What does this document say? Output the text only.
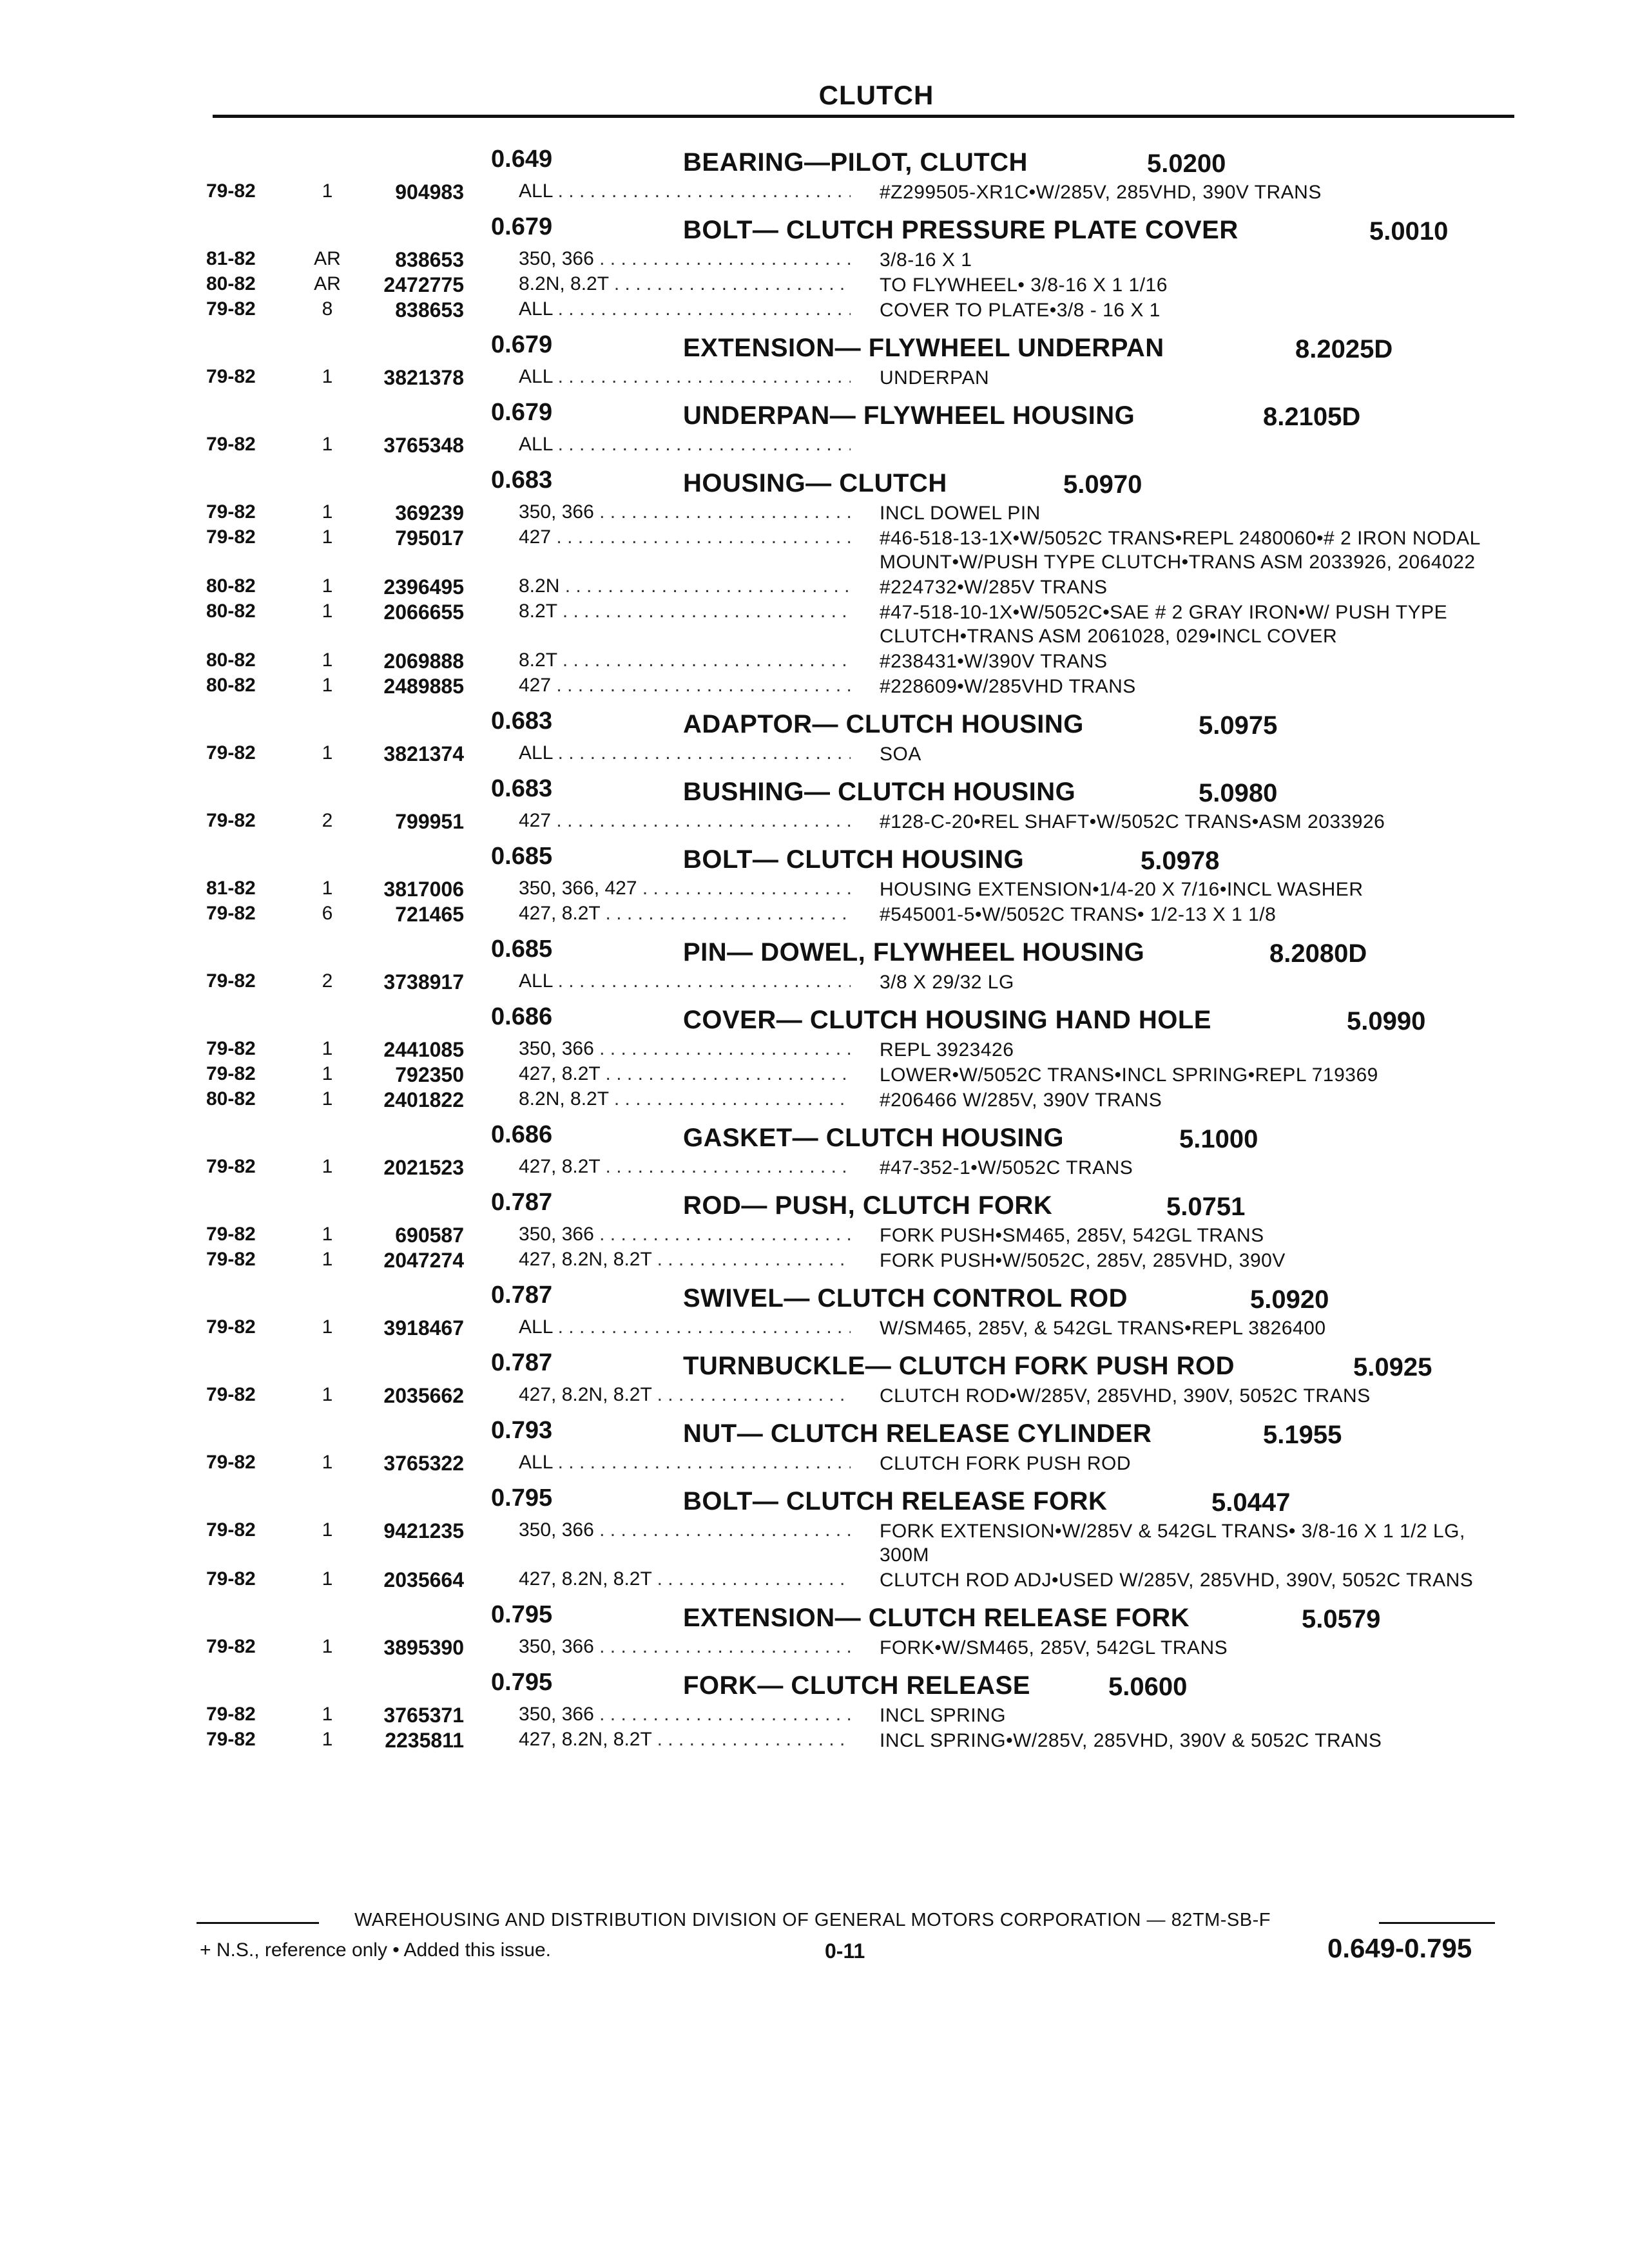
CLUTCH
0.649	BEARING—PILOT, CLUTCH	5.0200
79-82	1	904983	ALL . . .	#Z299505-XR1C•W/285V, 285VHD, 390V TRANS
0.679	BOLT— CLUTCH PRESSURE PLATE COVER	5.0010
81-82	AR	838653	350, 366 . . .	3/8-16 X 1
80-82	AR	2472775	8.2N, 8.2T . . .	TO FLYWHEEL• 3/8-16 X 1 1/16
79-82	8	838653	ALL . . .	COVER TO PLATE•3/8 - 16 X 1
0.679	EXTENSION— FLYWHEEL UNDERPAN	8.2025D
79-82	1	3821378	ALL . . .	UNDERPAN
0.679	UNDERPAN— FLYWHEEL HOUSING	8.2105D
79-82	1	3765348	ALL . . .
0.683	HOUSING— CLUTCH	5.0970
79-82	1	369239	350, 366 . . .	INCL DOWEL PIN
79-82	1	795017	427 . . .	#46-518-13-1X•W/5052C TRANS•REPL 2480060•# 2 IRON NODAL MOUNT•W/PUSH TYPE CLUTCH•TRANS ASM 2033926, 2064022
80-82	1	2396495	8.2N . . .	#224732•W/285V TRANS
80-82	1	2066655	8.2T . . .	#47-518-10-1X•W/5052C•SAE # 2 GRAY IRON•W/ PUSH TYPE CLUTCH•TRANS ASM 2061028, 029•INCL COVER
80-82	1	2069888	8.2T . . .	#238431•W/390V TRANS
80-82	1	2489885	427 . . .	#228609•W/285VHD TRANS
0.683	ADAPTOR— CLUTCH HOUSING	5.0975
79-82	1	3821374	ALL . . .	SOA
0.683	BUSHING— CLUTCH HOUSING	5.0980
79-82	2	799951	427 . . .	#128-C-20•REL SHAFT•W/5052C TRANS•ASM 2033926
0.685	BOLT— CLUTCH HOUSING	5.0978
81-82	1	3817006	350, 366, 427 . . .	HOUSING EXTENSION•1/4-20 X 7/16•INCL WASHER
79-82	6	721465	427, 8.2T . . .	#545001-5•W/5052C TRANS• 1/2-13 X 1 1/8
0.685	PIN— DOWEL, FLYWHEEL HOUSING	8.2080D
79-82	2	3738917	ALL . . .	3/8 X 29/32 LG
0.686	COVER— CLUTCH HOUSING HAND HOLE	5.0990
79-82	1	2441085	350, 366 . . .	REPL 3923426
79-82	1	792350	427, 8.2T . . .	LOWER•W/5052C TRANS•INCL SPRING•REPL 719369
80-82	1	2401822	8.2N, 8.2T . . .	#206466 W/285V, 390V TRANS
0.686	GASKET— CLUTCH HOUSING	5.1000
79-82	1	2021523	427, 8.2T . . .	#47-352-1•W/5052C TRANS
0.787	ROD— PUSH, CLUTCH FORK	5.0751
79-82	1	690587	350, 366 . . .	FORK PUSH•SM465, 285V, 542GL TRANS
79-82	1	2047274	427, 8.2N, 8.2T . . .	FORK PUSH•W/5052C, 285V, 285VHD, 390V
0.787	SWIVEL— CLUTCH CONTROL ROD	5.0920
79-82	1	3918467	ALL . . .	W/SM465, 285V, & 542GL TRANS•REPL 3826400
0.787	TURNBUCKLE— CLUTCH FORK PUSH ROD	5.0925
79-82	1	2035662	427, 8.2N, 8.2T . . .	CLUTCH ROD•W/285V, 285VHD, 390V, 5052C TRANS
0.793	NUT— CLUTCH RELEASE CYLINDER	5.1955
79-82	1	3765322	ALL . . .	CLUTCH FORK PUSH ROD
0.795	BOLT— CLUTCH RELEASE FORK	5.0447
79-82	1	9421235	350, 366 . . .	FORK EXTENSION•W/285V & 542GL TRANS• 3/8-16 X 1 1/2 LG, 300M
79-82	1	2035664	427, 8.2N, 8.2T . . .	CLUTCH ROD ADJ•USED W/285V, 285VHD, 390V, 5052C TRANS
0.795	EXTENSION— CLUTCH RELEASE FORK	5.0579
79-82	1	3895390	350, 366 . . .	FORK•W/SM465, 285V, 542GL TRANS
0.795	FORK— CLUTCH RELEASE	5.0600
79-82	1	3765371	350, 366 . . .	INCL SPRING
79-82	1	2235811	427, 8.2N, 8.2T . . .	INCL SPRING•W/285V, 285VHD, 390V & 5052C TRANS
WAREHOUSING AND DISTRIBUTION DIVISION OF GENERAL MOTORS CORPORATION — 82TM-SB-F
+ N.S., reference only • Added this issue.	0-11	0.649-0.795
